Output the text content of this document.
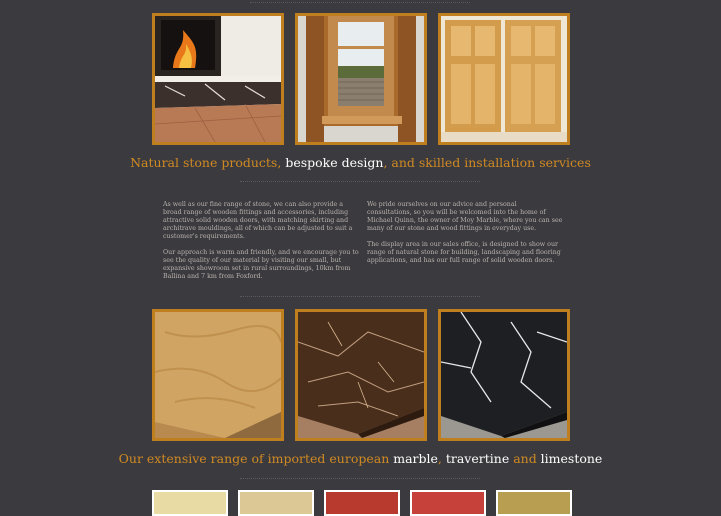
Natural stone products, bespoke design, and skilled installation services

As well as our fine range of stone, we can also provide a broad range of wooden fittings and accessories, including attractive solid wooden doors, with matching skirting and architrave mouldings, all of which can be adjusted to suit a customer's requirements.

Our approach is warm and friendly, and we encourage you to see the quality of our material by visiting our small, but expansive showroom set in rural surroundings, 10km from Ballina and 7 km from Foxford.

We pride ourselves on our advice and personal consultations, so you will be welcomed into the home of Michael Quinn, the owner of Moy Marble, where you can see many of our stone and wood fittings in everyday use.

The display area in our sales office, is designed to show our range of natural stone for building, landscaping and flooring applications, and has our full range of solid wooden doors.

Our extensive range of imported european marble, travertine and limestone
